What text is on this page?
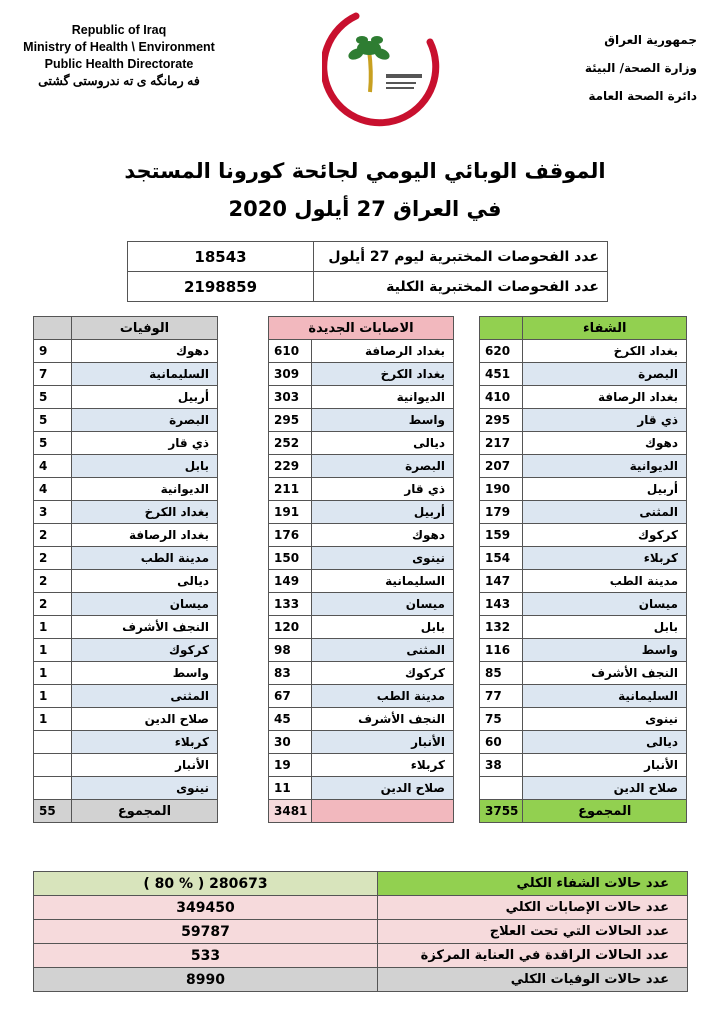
Republic of Iraq
Ministry of Health \ Environment
Public Health Directorate
فه رمانگه ی ته ندروستی گشتی
جمهورية العراق
وزارة الصحة/ البيئة
دائرة الصحة العامة
الموقف الوبائي اليومي لجائحة كورونا المستجد
في العراق 27 أيلول 2020
18543	عدد الفحوصات المختبرية ليوم 27 أيلول
2198859	عدد الفحوصات المختبرية الكلية
	الشفاء
620	بغداد الكرخ
451	البصرة
410	بغداد الرصافة
295	ذي قار
217	دهوك
207	الديوانية
190	أربيل
179	المثنى
159	كركوك
154	كربلاء
147	مدينة الطب
143	ميسان
132	بابل
116	واسط
85	النجف الأشرف
77	السليمانية
75	نينوى
60	ديالى
38	الأنبار
	صلاح الدين
3755	المجموع
الاصابات الجديدة	
610	بغداد الرصافة
309	بغداد الكرخ
303	الديوانية
295	واسط
252	ديالى
229	البصرة
211	ذي قار
191	أربيل
176	دهوك
150	نينوى
149	السليمانية
133	ميسان
120	بابل
98	المثنى
83	كركوك
67	مدينة الطب
45	النجف الأشرف
30	الأنبار
19	كربلاء
11	صلاح الدين
3481	
	الوفيات
9	دهوك
7	السليمانية
5	أربيل
5	البصرة
5	ذي قار
4	بابل
4	الديوانية
3	بغداد الكرخ
2	بغداد الرصافة
2	مدينة الطب
2	ديالى
2	ميسان
1	النجف الأشرف
1	كركوك
1	واسط
1	المثنى
1	صلاح الدين
	كربلاء
	الأنبار
	نينوى
55	المجموع
( 80 % ) 280673	عدد حالات الشفاء الكلي
349450	عدد حالات الإصابات الكلي
59787	عدد الحالات التي تحت العلاج
533	عدد الحالات الراقدة في العناية المركزة
8990	عدد حالات الوفيات الكلي
